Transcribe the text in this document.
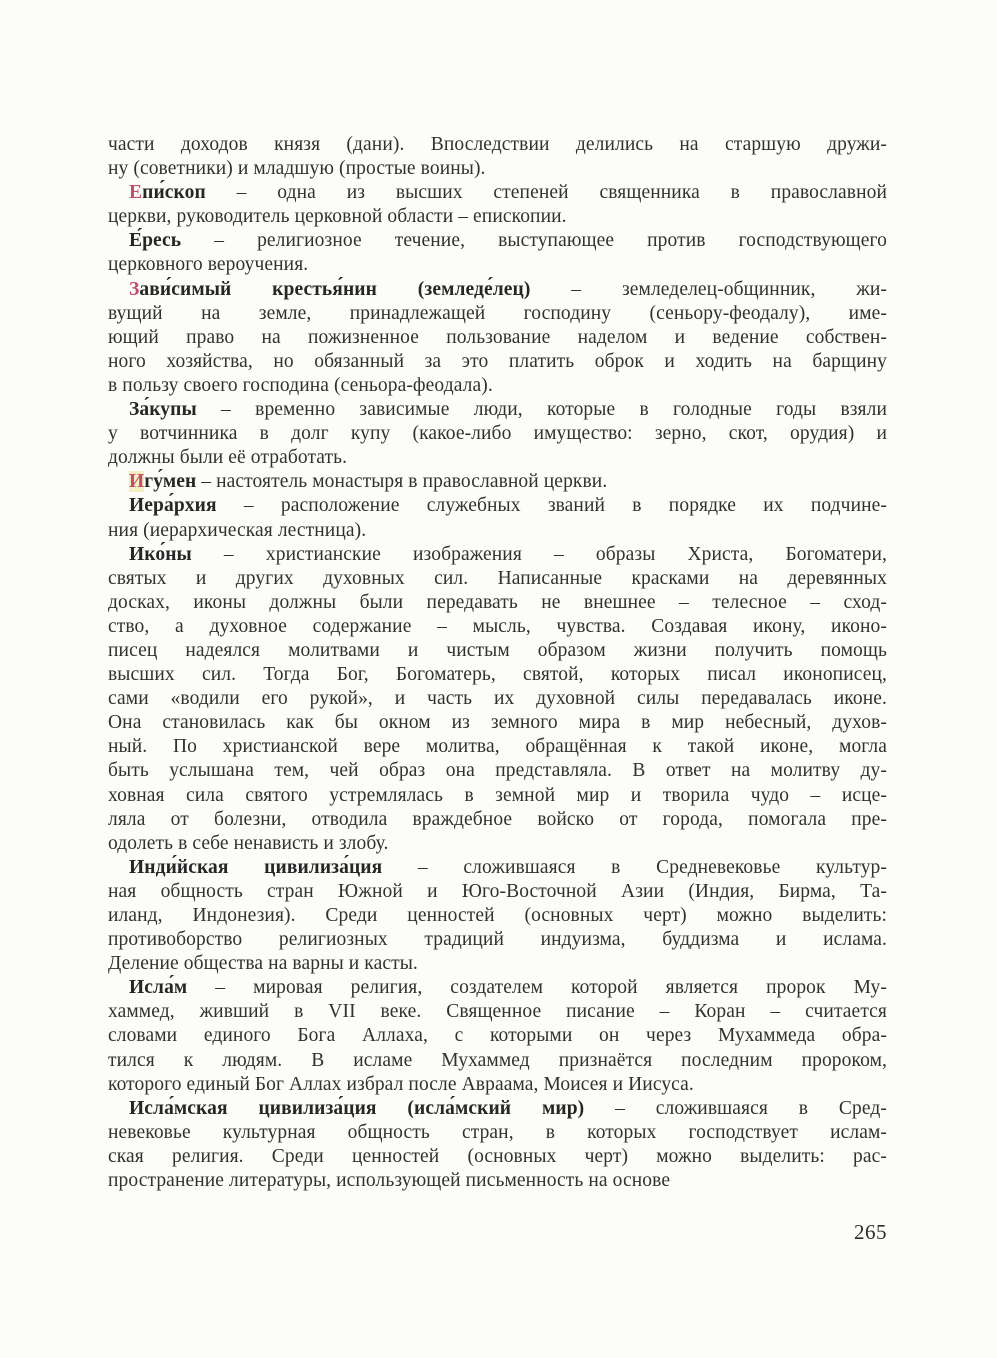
части доходов князя (дани). Впоследствии делились на старшую дружи-
ну (советники) и младшую (простые воины).
Епи́скоп – одна из высших степеней священника в православной
церкви, руководитель церковной области – епископии.
Е́ресь – религиозное течение, выступающее против господствующего
церковного вероучения.
Зави́симый крестья́нин (земледе́лец) – земледелец-общинник, жи-
вущий на земле, принадлежащей господину (сеньору-феодалу), име-
ющий право на пожизненное пользование наделом и ведение собствен-
ного хозяйства, но обязанный за это платить оброк и ходить на барщину
в пользу своего господина (сеньора-феодала).
За́купы – временно зависимые люди, которые в голодные годы взяли
у вотчинника в долг купу (какое-либо имущество: зерно, скот, орудия) и
должны были её отработать.
Игу́мен – настоятель монастыря в православной церкви.
Иера́рхия – расположение служебных званий в порядке их подчине-
ния (иерархическая лестница).
Ико́ны – христианские изображения – образы Христа, Богоматери,
святых и других духовных сил. Написанные красками на деревянных
досках, иконы должны были передавать не внешнее – телесное – сход-
ство, а духовное содержание – мысль, чувства. Создавая икону, иконо-
писец надеялся молитвами и чистым образом жизни получить помощь
высших сил. Тогда Бог, Богоматерь, святой, которых писал иконописец,
сами «водили его рукой», и часть их духовной силы передавалась иконе.
Она становилась как бы окном из земного мира в мир небесный, духов-
ный. По христианской вере молитва, обращённая к такой иконе, могла
быть услышана тем, чей образ она представляла. В ответ на молитву ду-
ховная сила святого устремлялась в земной мир и творила чудо – исце-
ляла от болезни, отводила враждебное войско от города, помогала пре-
одолеть в себе ненависть и злобу.
Инди́йская цивилиза́ция – сложившаяся в Средневековье культур-
ная общность стран Южной и Юго-Восточной Азии (Индия, Бирма, Та-
иланд, Индонезия). Среди ценностей (основных черт) можно выделить:
противоборство религиозных традиций индуизма, буддизма и ислама.
Деление общества на варны и касты.
Исла́м – мировая религия, создателем которой является пророк Му-
хаммед, живший в VII веке. Священное писание – Коран – считается
словами единого Бога Аллаха, с которыми он через Мухаммеда обра-
тился к людям. В исламе Мухаммед признаётся последним пророком,
которого единый Бог Аллах избрал после Авраама, Моисея и Иисуса.
Исла́мская цивилиза́ция (исла́мский мир) – сложившаяся в Сред-
невековье культурная общность стран, в которых господствует ислам-
ская религия. Среди ценностей (основных черт) можно выделить: рас-
пространение литературы, использующей письменность на основе
265
